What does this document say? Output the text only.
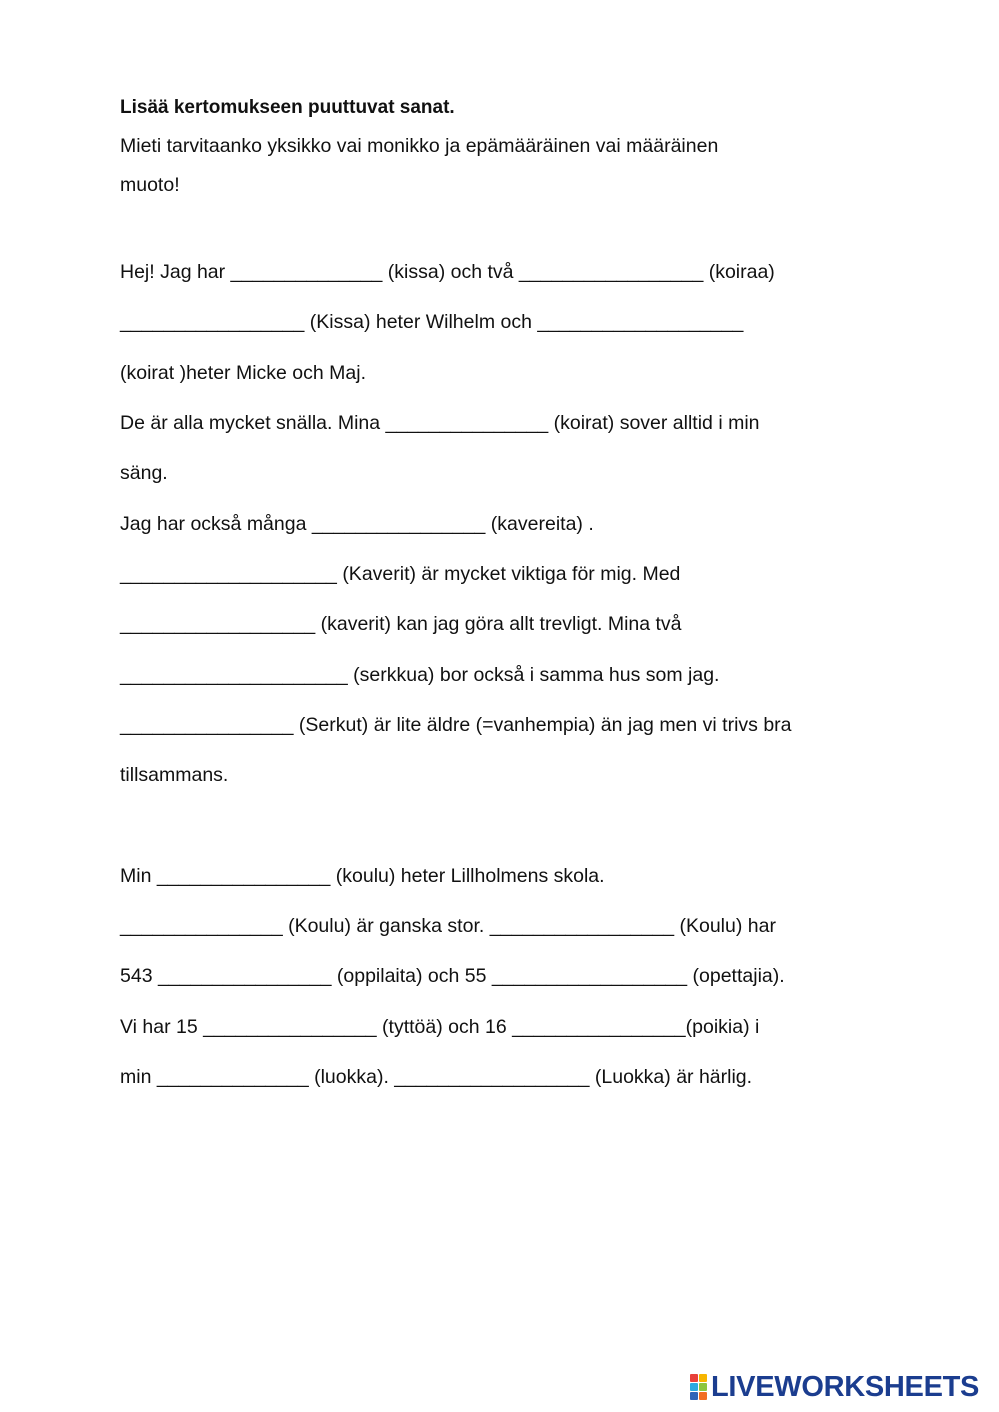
Lisää kertomukseen puuttuvat sanat.
Mieti tarvitaanko yksikko vai monikko ja epämääräinen vai määräinen
muoto!
Hej! Jag har ______________ (kissa) och två _________________ (koiraa)
_________________ (Kissa) heter Wilhelm och ___________________
(koirat )heter Micke och Maj.
De är alla mycket snälla. Mina _______________ (koirat) sover alltid i min
säng.
Jag har också många ________________ (kavereita) .
____________________ (Kaverit) är mycket viktiga för mig. Med
__________________ (kaverit) kan jag göra allt trevligt. Mina två
_____________________ (serkkua) bor också i samma hus som jag.
________________ (Serkut) är lite äldre (=vanhempia) än jag men vi trivs bra
tillsammans.
Min ________________ (koulu) heter Lillholmens skola.
_______________ (Koulu) är ganska stor. _________________ (Koulu) har
543 ________________ (oppilaita) och 55 __________________ (opettajia).
Vi har 15 ________________ (tyttöä) och 16 ________________(poikia) i
min ______________ (luokka). __________________ (Luokka) är härlig.
LIVEWORKSHEETS
